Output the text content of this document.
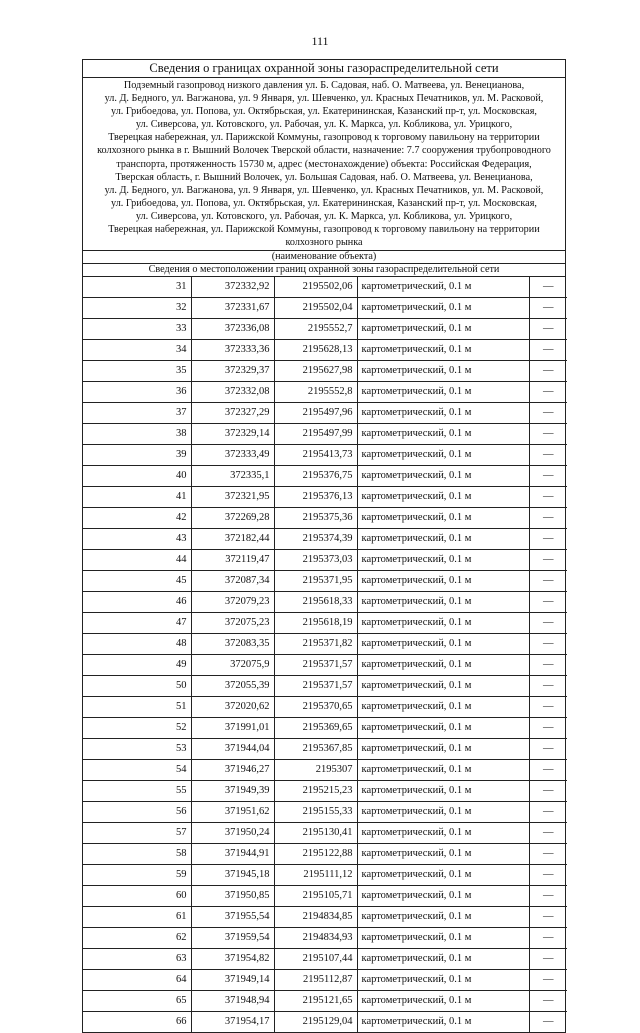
111
Сведения о границах охранной зоны газораспределительной сети
Подземный газопровод низкого давления ул. Б. Садовая, наб. О. Матвеева, ул. Венецианова,
ул. Д. Бедного, ул. Вагжанова, ул. 9 Января, ул. Шевченко, ул. Красных Печатников, ул. М. Расковой,
ул. Грибоедова, ул. Попова, ул. Октябрьская, ул. Екатерининская, Казанский пр-т, ул. Московская,
ул. Сиверсова, ул. Котовского, ул. Рабочая, ул. К. Маркса, ул. Кобликова, ул. Урицкого,
Тверецкая набережная, ул. Парижской Коммуны, газопровод к торговому павильону на территории
колхозного рынка в г. Вышний Волочек Тверской области, назначение: 7.7 сооружения трубопроводного
транспорта, протяженность 15730 м, адрес (местонахождение) объекта: Российская Федерация,
Тверская область, г. Вышний Волочек, ул. Большая Садовая, наб. О. Матвеева, ул. Венецианова,
ул. Д. Бедного, ул. Вагжанова, ул. 9 Января, ул. Шевченко, ул. Красных Печатников, ул. М. Расковой,
ул. Грибоедова, ул. Попова, ул. Октябрьская, ул. Екатерининская, Казанский пр-т, ул. Московская,
ул. Сиверсова, ул. Котовского, ул. Рабочая, ул. К. Маркса, ул. Кобликова, ул. Урицкого,
Тверецкая набережная, ул. Парижской Коммуны, газопровод к торговому павильону на территории
колхозного рынка
(наименование объекта)
Сведения о местоположении границ охранной зоны газораспределительной сети
31	372332,92	2195502,06	картометрический, 0.1 м	—
32	372331,67	2195502,04	картометрический, 0.1 м	—
33	372336,08	2195552,7	картометрический, 0.1 м	—
34	372333,36	2195628,13	картометрический, 0.1 м	—
35	372329,37	2195627,98	картометрический, 0.1 м	—
36	372332,08	2195552,8	картометрический, 0.1 м	—
37	372327,29	2195497,96	картометрический, 0.1 м	—
38	372329,14	2195497,99	картометрический, 0.1 м	—
39	372333,49	2195413,73	картометрический, 0.1 м	—
40	372335,1	2195376,75	картометрический, 0.1 м	—
41	372321,95	2195376,13	картометрический, 0.1 м	—
42	372269,28	2195375,36	картометрический, 0.1 м	—
43	372182,44	2195374,39	картометрический, 0.1 м	—
44	372119,47	2195373,03	картометрический, 0.1 м	—
45	372087,34	2195371,95	картометрический, 0.1 м	—
46	372079,23	2195618,33	картометрический, 0.1 м	—
47	372075,23	2195618,19	картометрический, 0.1 м	—
48	372083,35	2195371,82	картометрический, 0.1 м	—
49	372075,9	2195371,57	картометрический, 0.1 м	—
50	372055,39	2195371,57	картометрический, 0.1 м	—
51	372020,62	2195370,65	картометрический, 0.1 м	—
52	371991,01	2195369,65	картометрический, 0.1 м	—
53	371944,04	2195367,85	картометрический, 0.1 м	—
54	371946,27	2195307	картометрический, 0.1 м	—
55	371949,39	2195215,23	картометрический, 0.1 м	—
56	371951,62	2195155,33	картометрический, 0.1 м	—
57	371950,24	2195130,41	картометрический, 0.1 м	—
58	371944,91	2195122,88	картометрический, 0.1 м	—
59	371945,18	2195111,12	картометрический, 0.1 м	—
60	371950,85	2195105,71	картометрический, 0.1 м	—
61	371955,54	2194834,85	картометрический, 0.1 м	—
62	371959,54	2194834,93	картометрический, 0.1 м	—
63	371954,82	2195107,44	картометрический, 0.1 м	—
64	371949,14	2195112,87	картометрический, 0.1 м	—
65	371948,94	2195121,65	картометрический, 0.1 м	—
66	371954,17	2195129,04	картометрический, 0.1 м	—
